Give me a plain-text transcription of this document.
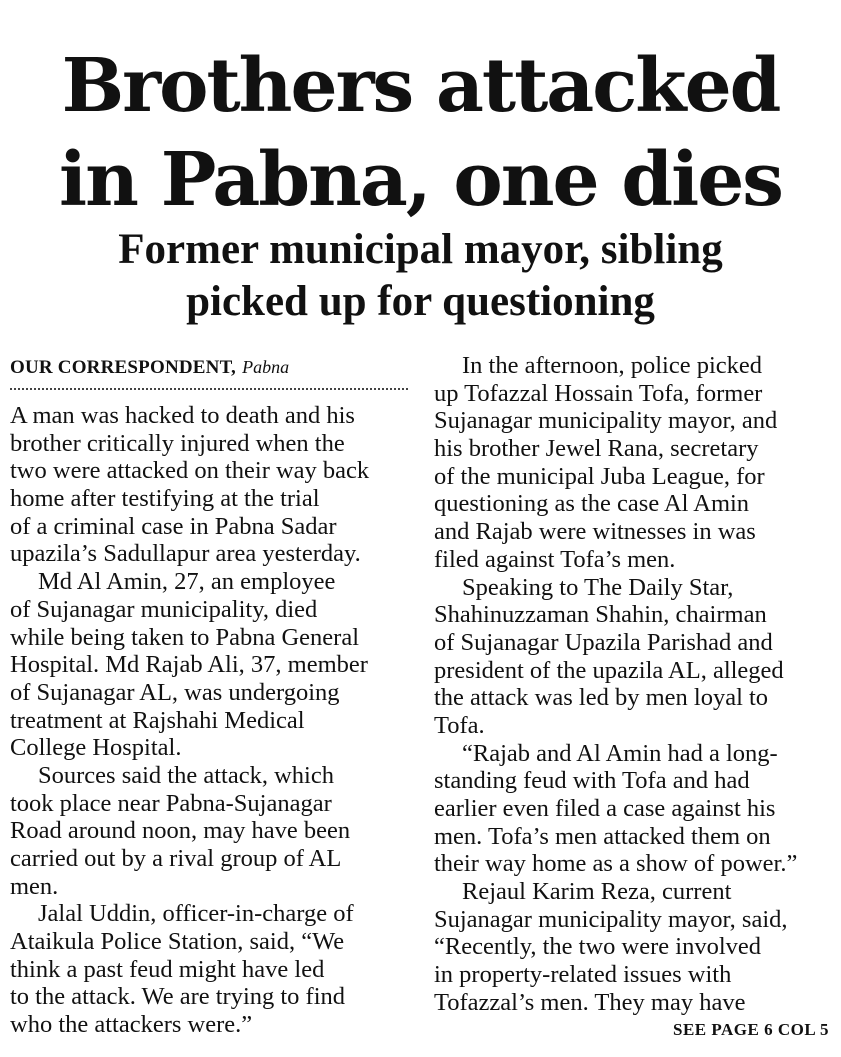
Brothers attacked
in Pabna, one dies
Former municipal mayor, sibling
picked up for questioning
OUR CORRESPONDENT, Pabna
A man was hacked to death and his
brother critically injured when the
two were attacked on their way back
home after testifying at the trial
of a criminal case in Pabna Sadar
upazila’s Sadullapur area yesterday.
Md Al Amin, 27, an employee
of Sujanagar municipality, died
while being taken to Pabna General
Hospital. Md Rajab Ali, 37, member
of Sujanagar AL, was undergoing
treatment at Rajshahi Medical
College Hospital.
Sources said the attack, which
took place near Pabna-Sujanagar
Road around noon, may have been
carried out by a rival group of AL
men.
Jalal Uddin, officer-in-charge of
Ataikula Police Station, said, “We
think a past feud might have led
to the attack. We are trying to find
who the attackers were.”
In the afternoon, police picked
up Tofazzal Hossain Tofa, former
Sujanagar municipality mayor, and
his brother Jewel Rana, secretary
of the municipal Juba League, for
questioning as the case Al Amin
and Rajab were witnesses in was
filed against Tofa’s men.
Speaking to The Daily Star,
Shahinuzzaman Shahin, chairman
of Sujanagar Upazila Parishad and
president of the upazila AL, alleged
the attack was led by men loyal to
Tofa.
“Rajab and Al Amin had a long-
standing feud with Tofa and had
earlier even filed a case against his
men. Tofa’s men attacked them on
their way home as a show of power.”
Rejaul Karim Reza, current
Sujanagar municipality mayor, said,
“Recently, the two were involved
in property-related issues with
Tofazzal’s men. They may have
SEE PAGE 6 COL 5
